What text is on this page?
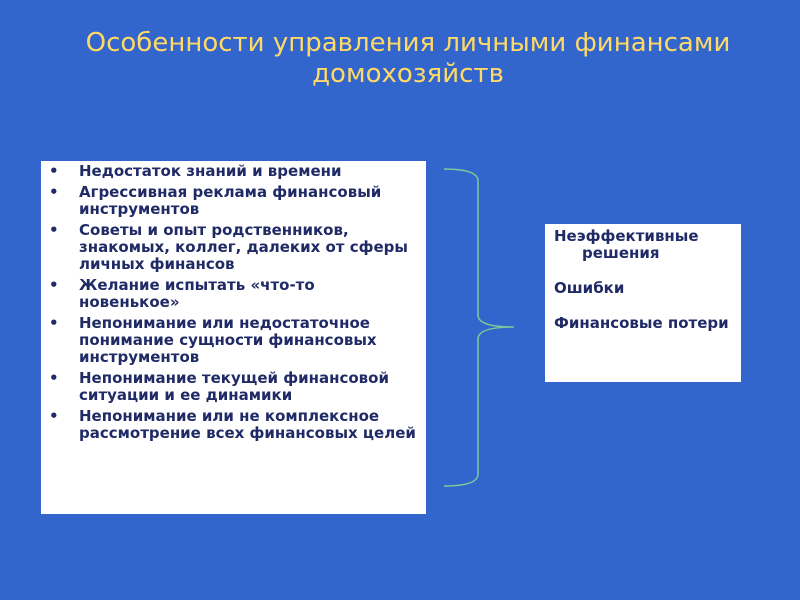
Особенности управления личными финансами
домохозяйств
• Недостаток знаний и времени
• Агрессивная реклама финансовый инструментов
• Советы и опыт родственников, знакомых, коллег, далеких от сферы личных финансов
• Желание испытать «что-то новенькое»
• Непонимание или недостаточное понимание сущности финансовых инструментов
• Непонимание текущей финансовой ситуации и ее динамики
• Непонимание или не комплексное рассмотрение всех финансовых целей

Неэффективные решения

Ошибки

Финансовые потери
